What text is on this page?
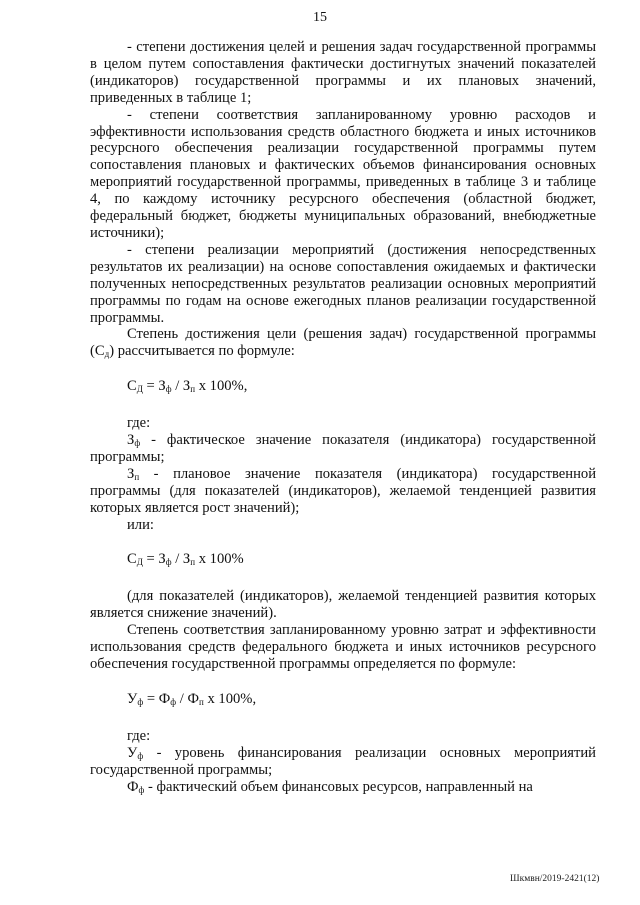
15

- степени достижения целей и решения задач государственной программы в целом путем сопоставления фактически достигнутых значений показателей (индикаторов) государственной программы и их плановых значений, приведенных в таблице 1;

- степени соответствия запланированному уровню расходов и эффективности использования средств областного бюджета и иных источников ресурсного обеспечения реализации государственной программы путем сопоставления плановых и фактических объемов финансирования основных мероприятий государственной программы, приведенных в таблице 3 и таблице 4, по каждому источнику ресурсного обеспечения (областной бюджет, федеральный бюджет, бюджеты муниципальных образований, внебюджетные источники);

- степени реализации мероприятий (достижения непосредственных результатов их реализации) на основе сопоставления ожидаемых и фактически полученных непосредственных результатов реализации основных мероприятий программы по годам на основе ежегодных планов реализации государственной программы.

Степень достижения цели (решения задач) государственной программы $(С_д)$ рассчитывается по формуле:

$С_Д = З_ф / З_п$ х 100%,

где:

$З_ф$ - фактическое значение показателя (индикатора) государственной программы;

$З_п$ - плановое значение показателя (индикатора) государственной программы (для показателей (индикаторов), желаемой тенденцией развития которых является рост значений);

или:

$С_Д = З_ф / З_п$ х 100%

(для показателей (индикаторов), желаемой тенденцией развития которых является снижение значений).

Степень соответствия запланированному уровню затрат и эффективности использования средств федерального бюджета и иных источников ресурсного обеспечения государственной программы определяется по формуле:

$У_ф = Ф_ф / Ф_п$ х 100%,

где:

$У_ф$ - уровень финансирования реализации основных мероприятий государственной программы;

$Ф_ф$ - фактический объем финансовых ресурсов, направленный на

Шкмвн/2019-2421(12)
